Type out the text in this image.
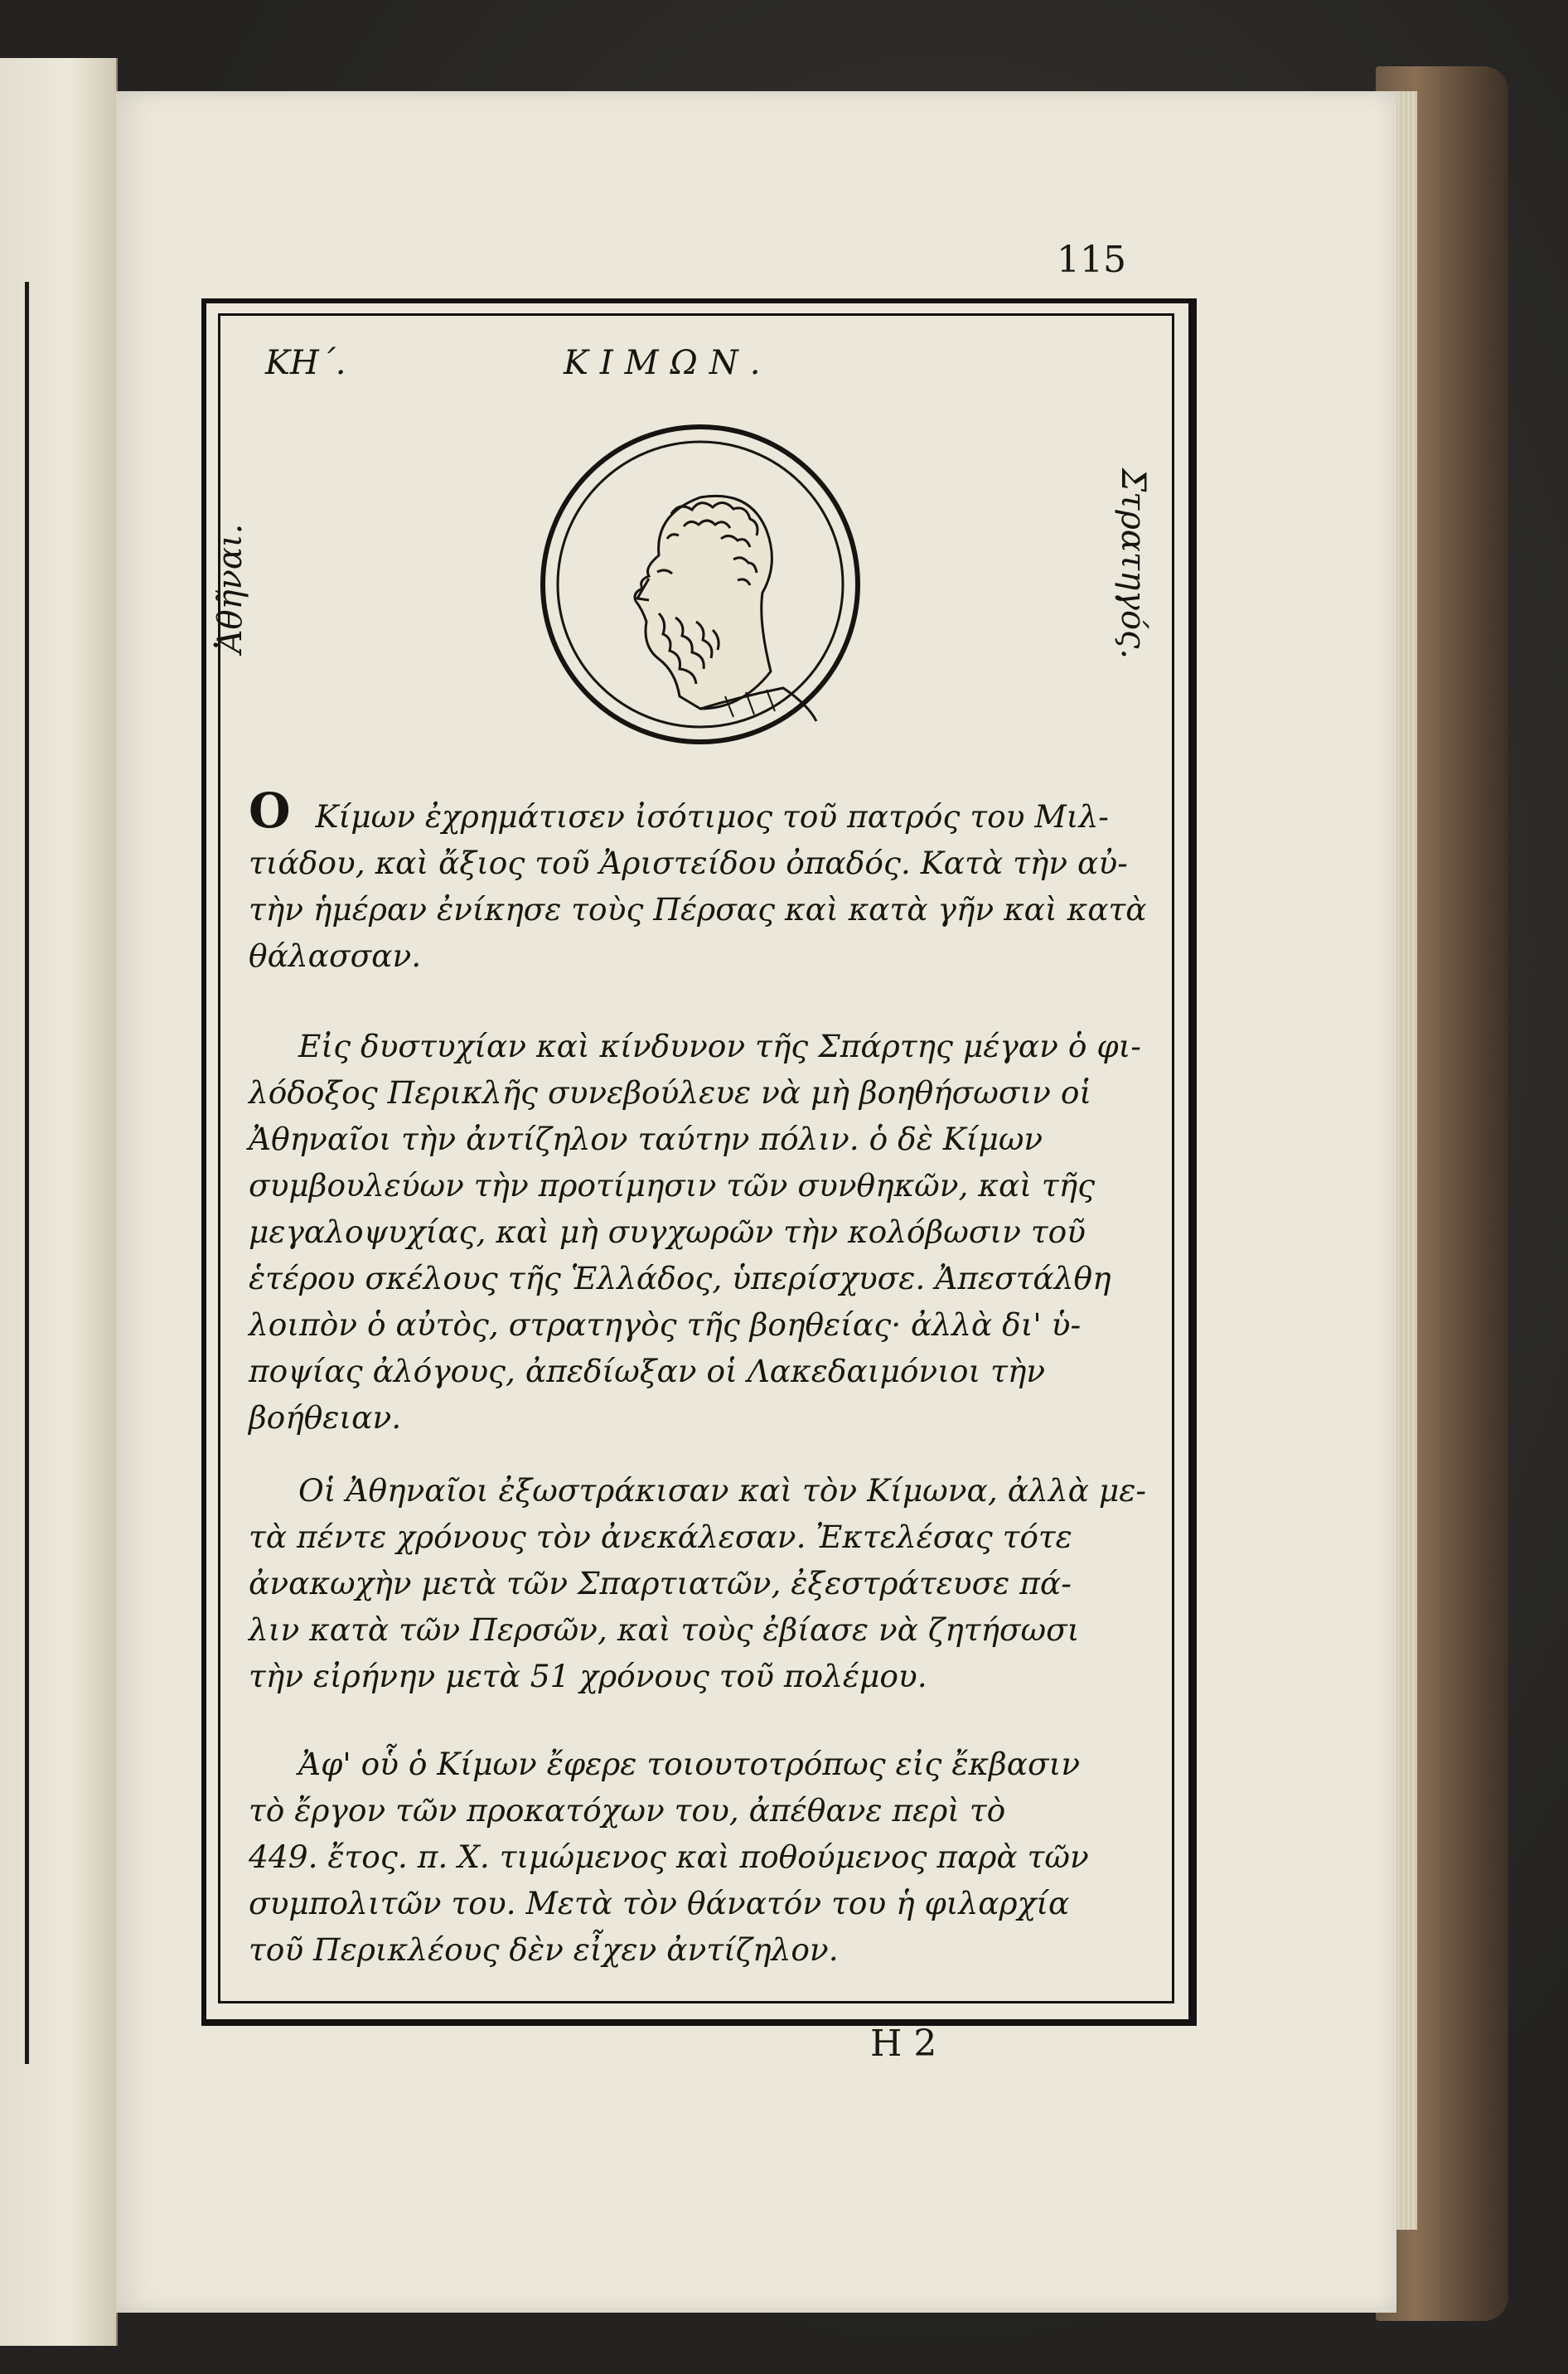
115
ΚΗ΄.	ΚΙΜΩΝ.
Ἀθῆναι.	Στρατηγός.
Ο Κίμων ἐχρημάτισεν ἰσότιμος τοῦ πατρός του Μιλ-
τιάδου, καὶ ἄξιος τοῦ Ἀριστείδου ὀπαδός. Κατὰ τὴν αὐ-
τὴν ἡμέραν ἐνίκησε τοὺς Πέρσας καὶ κατὰ γῆν καὶ κατὰ
θάλασσαν.
Εἰς δυστυχίαν καὶ κίνδυνον τῆς Σπάρτης μέγαν ὁ φι-
λόδοξος Περικλῆς συνεβούλευε νὰ μὴ βοηθήσωσιν οἱ
Ἀθηναῖοι τὴν ἀντίζηλον ταύτην πόλιν. ὁ δὲ Κίμων
συμβουλεύων τὴν προτίμησιν τῶν συνθηκῶν, καὶ τῆς
μεγαλοψυχίας, καὶ μὴ συγχωρῶν τὴν κολόβωσιν τοῦ
ἑτέρου σκέλους τῆς Ἑλλάδος, ὑπερίσχυσε. Ἀπεστάλθη
λοιπὸν ὁ αὐτὸς, στρατηγὸς τῆς βοηθείας· ἀλλὰ δι' ὑ-
ποψίας ἀλόγους, ἀπεδίωξαν οἱ Λακεδαιμόνιοι τὴν
βοήθειαν.
Οἱ Ἀθηναῖοι ἐξωστράκισαν καὶ τὸν Κίμωνα, ἀλλὰ με-
τὰ πέντε χρόνους τὸν ἀνεκάλεσαν. Ἐκτελέσας τότε
ἀνακωχὴν μετὰ τῶν Σπαρτιατῶν, ἐξεστράτευσε πά-
λιν κατὰ τῶν Περσῶν, καὶ τοὺς ἐβίασε νὰ ζητήσωσι
τὴν εἰρήνην μετὰ 51 χρόνους τοῦ πολέμου.
Ἀφ' οὗ ὁ Κίμων ἔφερε τοιουτοτρόπως εἰς ἔκβασιν
τὸ ἔργον τῶν προκατόχων του, ἀπέθανε περὶ τὸ
449. ἔτος. π. Χ. τιμώμενος καὶ ποθούμενος παρὰ τῶν
συμπολιτῶν του. Μετὰ τὸν θάνατόν του ἡ φιλαρχία
τοῦ Περικλέους δὲν εἶχεν ἀντίζηλον.
Η 2
